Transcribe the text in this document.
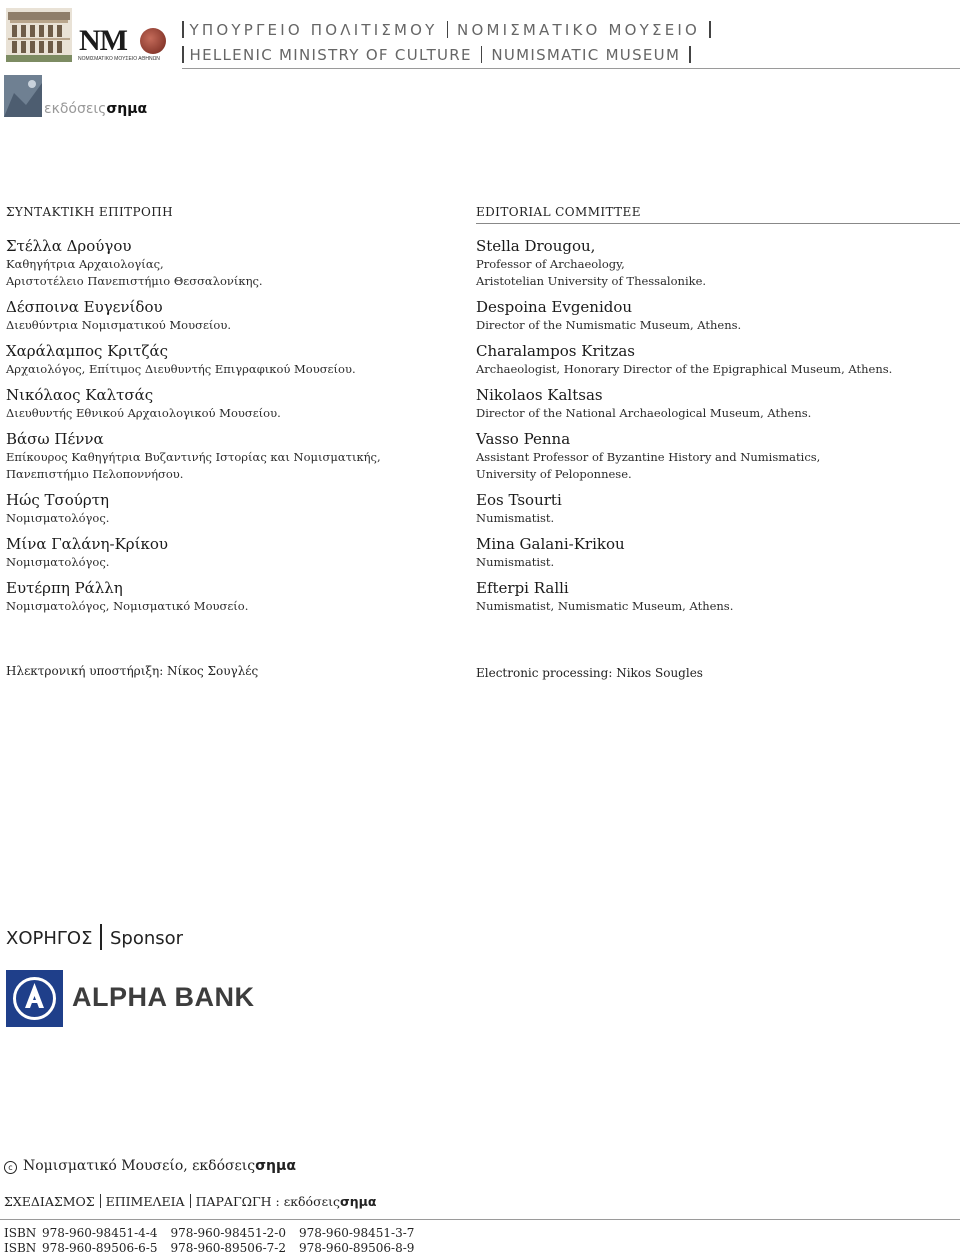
NM
ΝΟΜΙΣΜΑΤΙΚΟ ΜΟΥΣΕΙΟ ΑΘΗΝΩΝ
ΥΠΟΥΡΓΕΙΟ ΠΟΛΙΤΙΣΜΟΥ ΝΟΜΙΣΜΑΤΙΚΟ ΜΟΥΣΕΙΟ
HELLENIC MINISTRY OF CULTURE NUMISMATIC MUSEUM
εκδόσειςσημα
ΣΥΝΤΑΚΤΙΚΗ ΕΠΙΤΡΟΠΗ
Στέλλα Δρούγου
Καθηγήτρια Αρχαιολογίας,
Αριστοτέλειο Πανεπιστήμιο Θεσσαλονίκης.
Δέσποινα Ευγενίδου
Διευθύντρια Νομισματικού Μουσείου.
Χαράλαμπος Κριτζάς
Αρχαιολόγος, Επίτιμος Διευθυντής Επιγραφικού Μουσείου.
Νικόλαος Καλτσάς
Διευθυντής Εθνικού Αρχαιολογικού Μουσείου.
Βάσω Πέννα
Επίκουρος Καθηγήτρια Βυζαντινής Ιστορίας και Νομισματικής,
Πανεπιστήμιο Πελοποννήσου.
Ηώς Τσούρτη
Νομισματολόγος.
Μίνα Γαλάνη-Κρίκου
Νομισματολόγος.
Ευτέρπη Ράλλη
Νομισματολόγος, Νομισματικό Μουσείο.
EDITORIAL COMMITTEE
Stella Drougou,
Professor of Archaeology,
Aristotelian University of Thessalonike.
Despoina Evgenidou
Director of the Numismatic Museum, Athens.
Charalampos Kritzas
Archaeologist, Honorary Director of the Epigraphical Museum, Athens.
Nikolaos Kaltsas
Director of the National Archaeological Museum, Athens.
Vasso Penna
Assistant Professor of Byzantine History and Numismatics,
University of Peloponnese.
Eos Tsourti
Numismatist.
Mina Galani-Krikou
Numismatist.
Efterpi Ralli
Numismatist, Numismatic Museum, Athens.
Ηλεκτρονική υποστήριξη: Νίκος Σουγλές	Electronic processing: Nikos Sougles
ΧΟΡΗΓΟΣ Sponsor
ALPHA BANK
c Νομισματικό Μουσείο, εκδόσειςσημα
ΣΧΕΔΙΑΣΜΟΣ ΕΠΙΜΕΛΕΙΑ ΠΑΡΑΓΩΓΗ : εκδόσειςσημα
ISBN 978-960-98451-4-4 978-960-98451-2-0 978-960-98451-3-7
ISBN 978-960-89506-6-5 978-960-89506-7-2 978-960-89506-8-9
